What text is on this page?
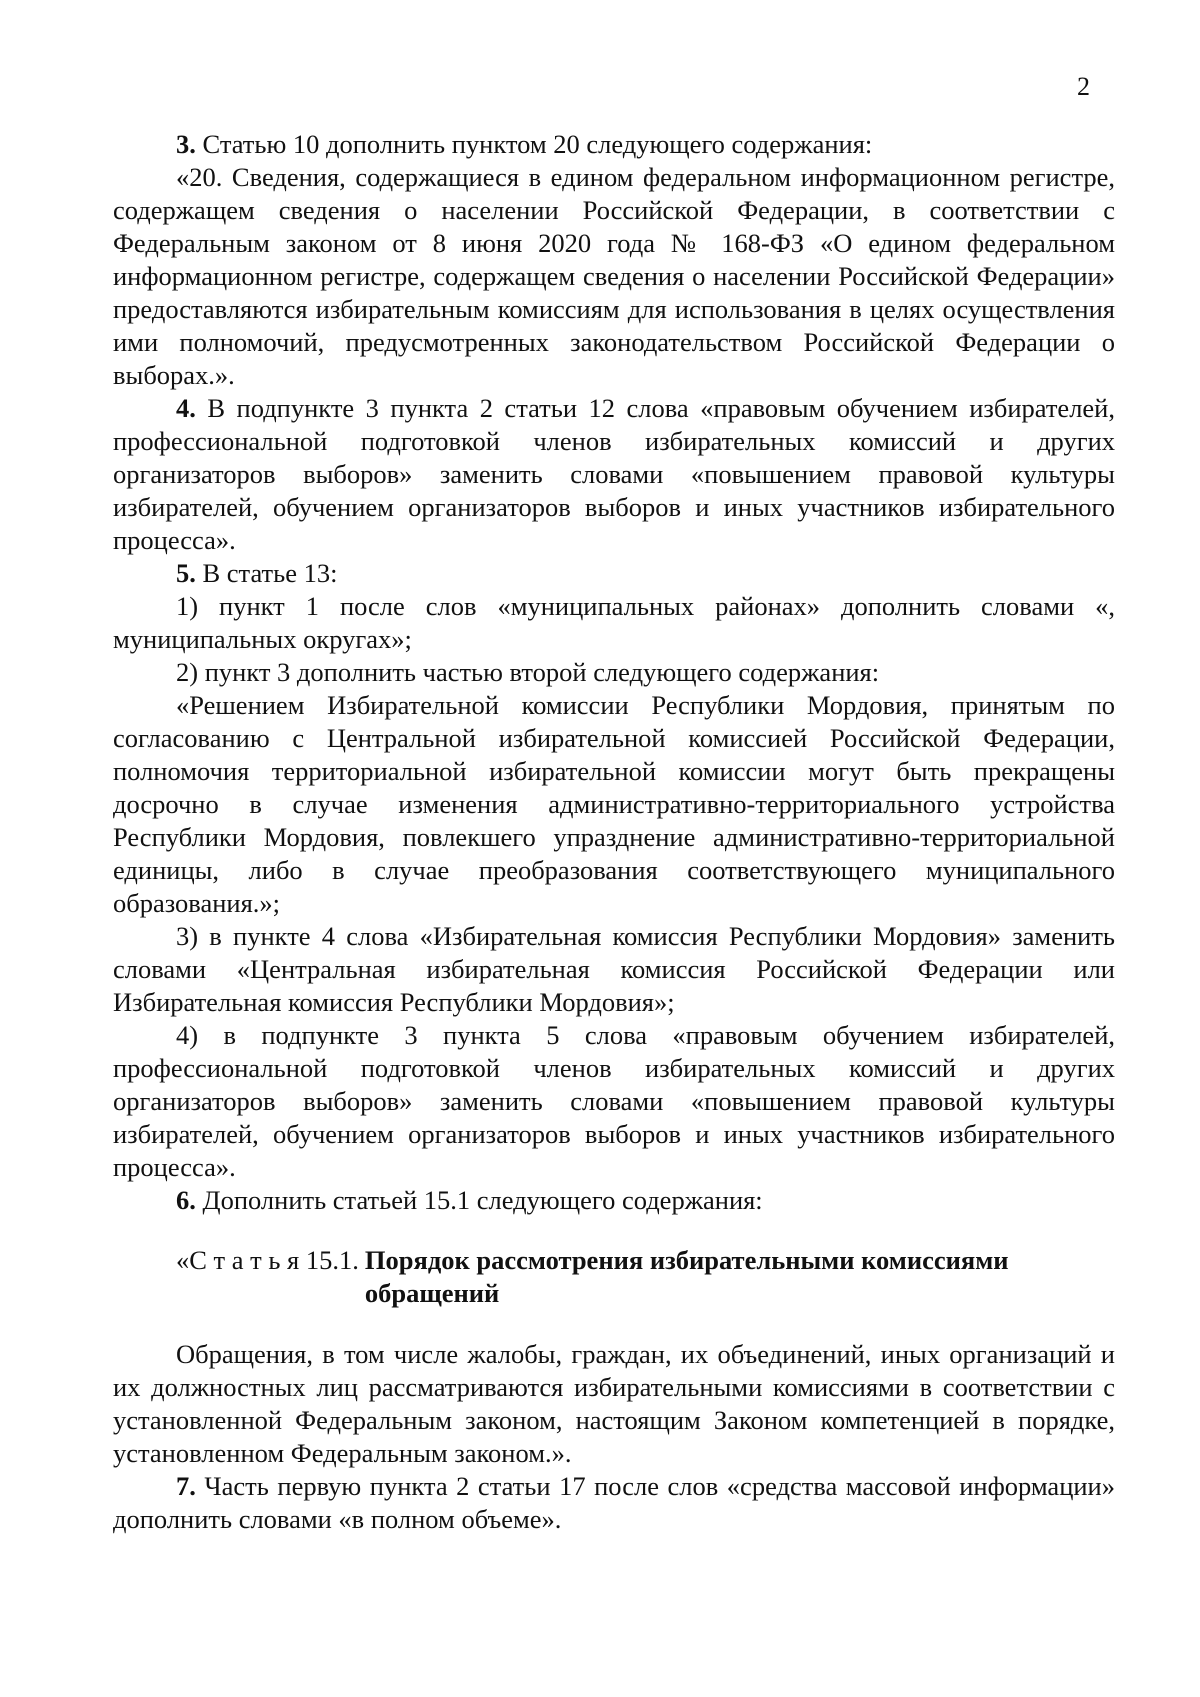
2

3. Статью 10 дополнить пунктом 20 следующего содержания:

«20. Сведения, содержащиеся в едином федеральном информационном регистре, содержащем сведения о населении Российской Федерации, в соответствии с Федеральным законом от 8 июня 2020 года № 168-ФЗ «О едином федеральном информационном регистре, содержащем сведения о населении Российской Федерации» предоставляются избирательным комиссиям для использования в целях осуществления ими полномочий, предусмотренных законодательством Российской Федерации о выборах.».

4. В подпункте 3 пункта 2 статьи 12 слова «правовым обучением избирателей, профессиональной подготовкой членов избирательных комиссий и других организаторов выборов» заменить словами «повышением правовой культуры избирателей, обучением организаторов выборов и иных участников избирательного процесса».

5. В статье 13:

1) пункт 1 после слов «муниципальных районах» дополнить словами «, муниципальных округах»;

2) пункт 3 дополнить частью второй следующего содержания:

«Решением Избирательной комиссии Республики Мордовия, принятым по согласованию с Центральной избирательной комиссией Российской Федерации, полномочия территориальной избирательной комиссии могут быть прекращены досрочно в случае изменения административно-территориального устройства Республики Мордовия, повлекшего упразднение административно-территориальной единицы, либо в случае преобразования соответствующего муниципального образования.»;

3) в пункте 4 слова «Избирательная комиссия Республики Мордовия» заменить словами «Центральная избирательная комиссия Российской Федерации или Избирательная комиссия Республики Мордовия»;

4) в подпункте 3 пункта 5 слова «правовым обучением избирателей, профессиональной подготовкой членов избирательных комиссий и других организаторов выборов» заменить словами «повышением правовой культуры избирателей, обучением организаторов выборов и иных участников избирательного процесса».

6. Дополнить статьей 15.1 следующего содержания:

«С т а т ь я 15.1. Порядок рассмотрения избирательными комиссиями обращений

Обращения, в том числе жалобы, граждан, их объединений, иных организаций и их должностных лиц рассматриваются избирательными комиссиями в соответствии с установленной Федеральным законом, настоящим Законом компетенцией в порядке, установленном Федеральным законом.».

7. Часть первую пункта 2 статьи 17 после слов «средства массовой информации» дополнить словами «в полном объеме».
